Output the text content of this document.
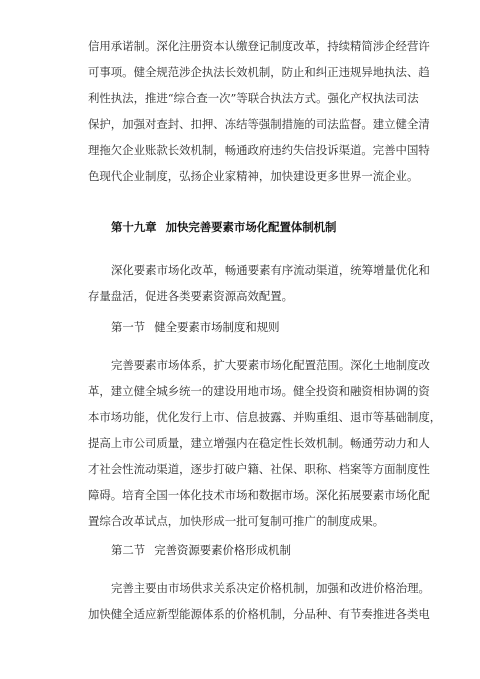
信用承诺制。深化注册资本认缴登记制度改革，持续精简涉企经营许
可事项。健全规范涉企执法长效机制，防止和纠正违规异地执法、趋
利性执法，推进“综合查一次”等联合执法方式。强化产权执法司法
保护，加强对查封、扣押、冻结等强制措施的司法监督。建立健全清
理拖欠企业账款长效机制，畅通政府违约失信投诉渠道。完善中国特
色现代企业制度，弘扬企业家精神，加快建设更多世界一流企业。
第十九章 加快完善要素市场化配置体制机制
深化要素市场化改革，畅通要素有序流动渠道，统筹增量优化和
存量盘活，促进各类要素资源高效配置。
第一节 健全要素市场制度和规则
完善要素市场体系，扩大要素市场化配置范围。深化土地制度改
革，建立健全城乡统一的建设用地市场。健全投资和融资相协调的资
本市场功能，优化发行上市、信息披露、并购重组、退市等基础制度，
提高上市公司质量，建立增强内在稳定性长效机制。畅通劳动力和人
才社会性流动渠道，逐步打破户籍、社保、职称、档案等方面制度性
障碍。培育全国一体化技术市场和数据市场。深化拓展要素市场化配
置综合改革试点，加快形成一批可复制可推广的制度成果。
第二节 完善资源要素价格形成机制
完善主要由市场供求关系决定价格机制，加强和改进价格治理。
加快健全适应新型能源体系的价格机制，分品种、有节奏推进各类电
